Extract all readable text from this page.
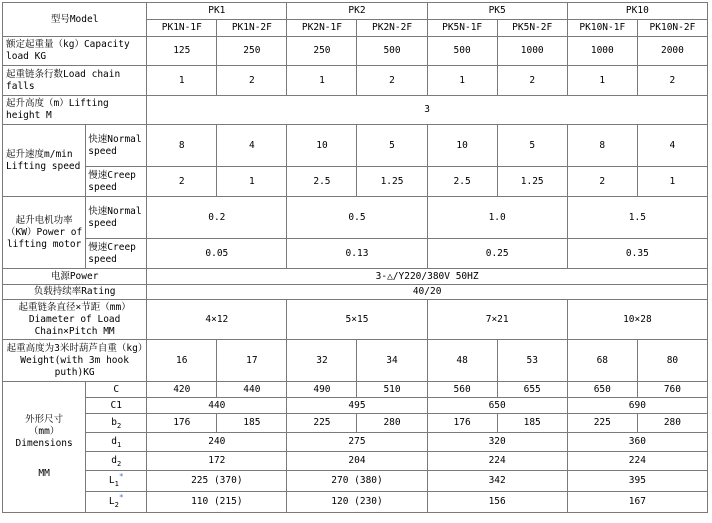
型号Model		PK1		PK2		PK5		PK10	
		PK1N-1F	PK1N-2F	PK2N-1F	PK2N-2F	PK5N-1F	PK5N-2F	PK10N-1F	PK10N-2F
额定起重量（kg）Capacity load KG		125	250	250	500	500	1000	1000	2000
起重链条行数Load chain falls		1	2	1	2	1	2	1	2
起升高度（m）Lifting height M		3							
起升速度m/min Lifting speed	快速Normal speed	8	4	10	5	10	5	8	4
	慢速Creep speed	2	1	2.5	1.25	2.5	1.25	2	1
起升电机功率（KW）Power of lifting motor	快速Normal speed	0.2		0.5		1.0		1.5	
	慢速Creep speed	0.05		0.13		0.25		0.35	
电源Power		3-△/Y220/380V 50HZ							
负载持续率Rating		40/20							
起重链条直径×节距（mm）Diameter of Load Chain×Pitch MM		4×12		5×15		7×21		10×28	
起重高度为3米时葫芦自重（kg）Weight(with 3m hook puth)KG		16	17	32	34	48	53	68	80

外形尺寸
（mm）
Dimensions
MM	C	420	440	490	510	560	655	650	760
	C1	440		495		650		690	
	$b_2$	176	185	225	280	176	185	225	280
	$d_1$	240		275		320		360	
	$d_2$	172		204		224		224	
	$L_1^*$	225 (370)		270 (380)		342		395	
	$L_2^*$	110 (215)		120 (230)		156		167	
